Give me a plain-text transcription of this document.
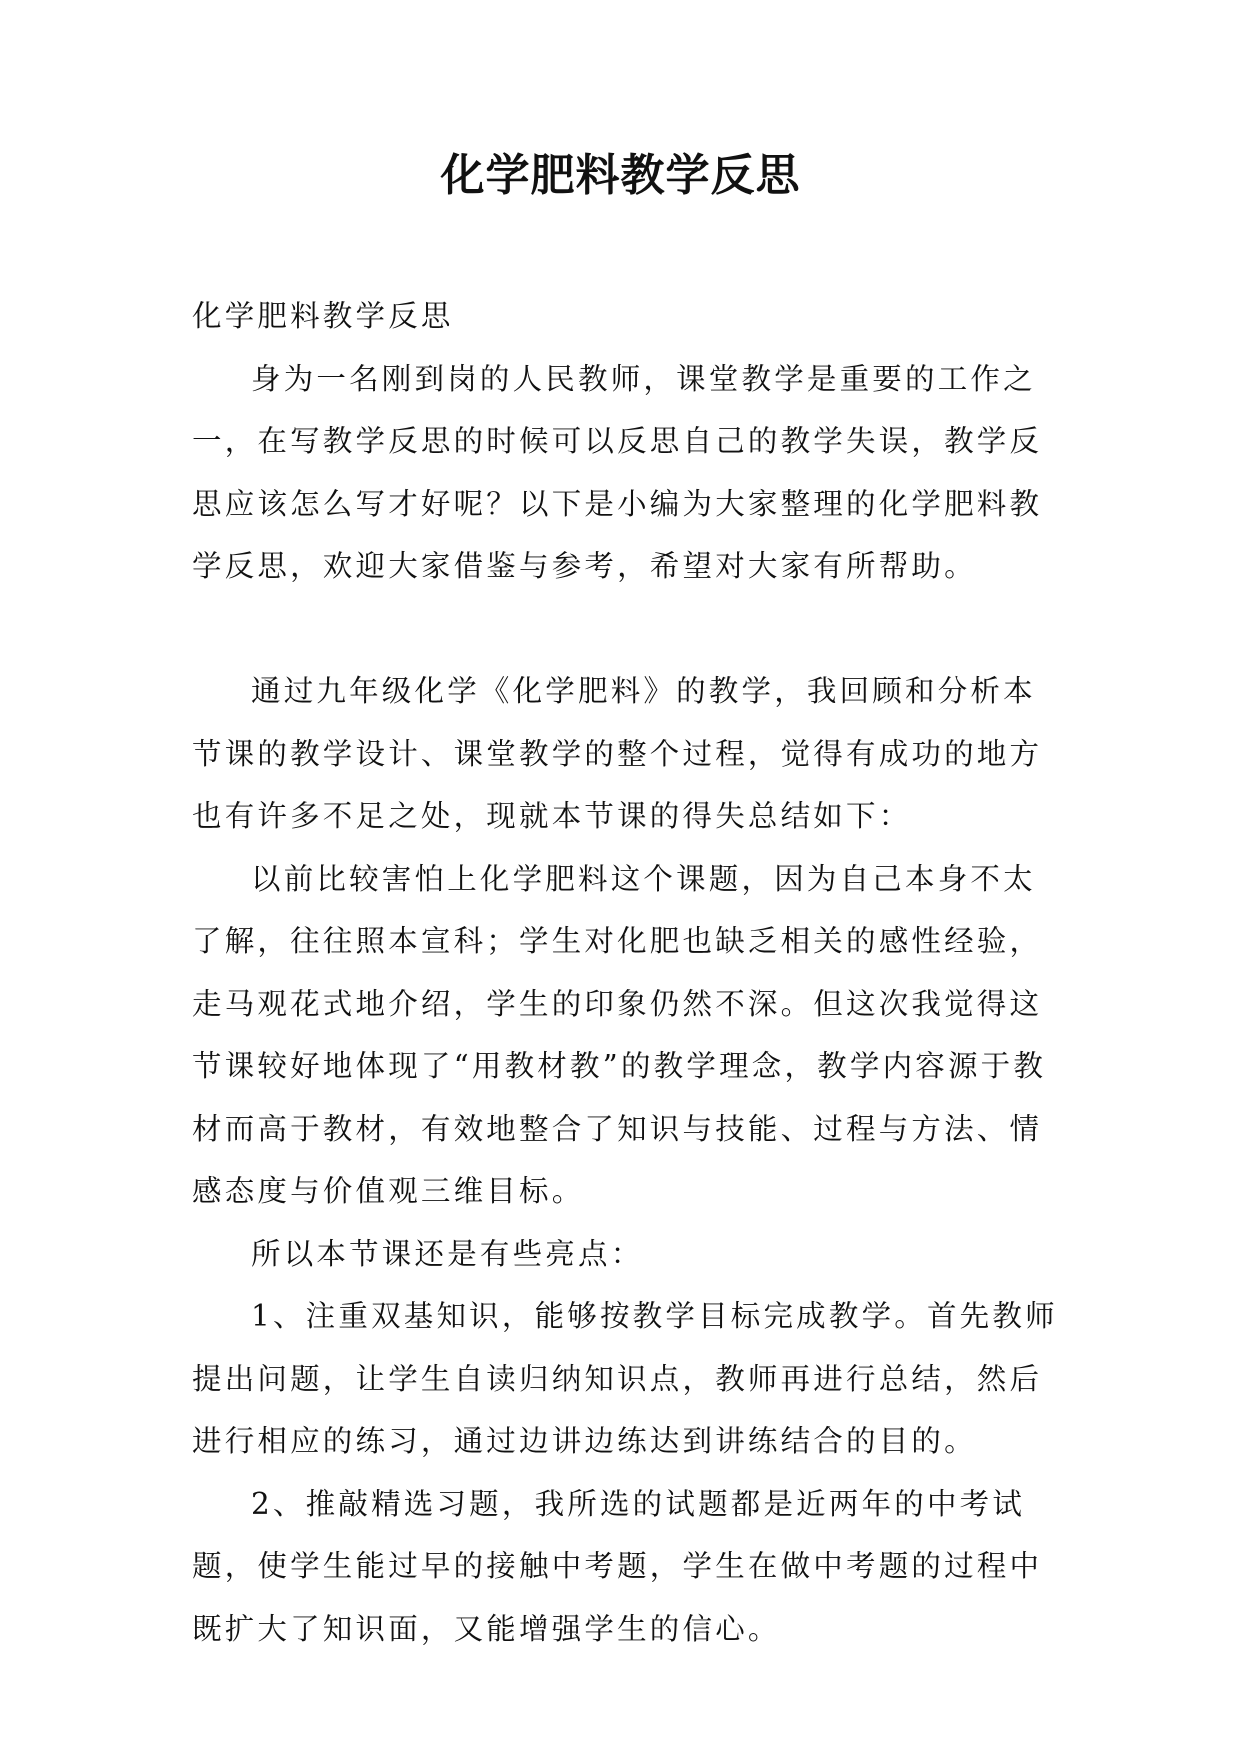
化学肥料教学反思

化学肥料教学反思

身为一名刚到岗的人民教师，课堂教学是重要的工作之一，在写教学反思的时候可以反思自己的教学失误，教学反思应该怎么写才好呢？以下是小编为大家整理的化学肥料教学反思，欢迎大家借鉴与参考，希望对大家有所帮助。

通过九年级化学《化学肥料》的教学，我回顾和分析本节课的教学设计、课堂教学的整个过程，觉得有成功的地方也有许多不足之处，现就本节课的得失总结如下：

以前比较害怕上化学肥料这个课题，因为自己本身不太了解，往往照本宣科；学生对化肥也缺乏相关的感性经验，走马观花式地介绍，学生的印象仍然不深。但这次我觉得这节课较好地体现了“用教材教”的教学理念，教学内容源于教材而高于教材，有效地整合了知识与技能、过程与方法、情感态度与价值观三维目标。

所以本节课还是有些亮点：

1、注重双基知识，能够按教学目标完成教学。首先教师提出问题，让学生自读归纳知识点，教师再进行总结，然后进行相应的练习，通过边讲边练达到讲练结合的目的。

2、推敲精选习题，我所选的试题都是近两年的中考试题，使学生能过早的接触中考题，学生在做中考题的过程中既扩大了知识面，又能增强学生的信心。
